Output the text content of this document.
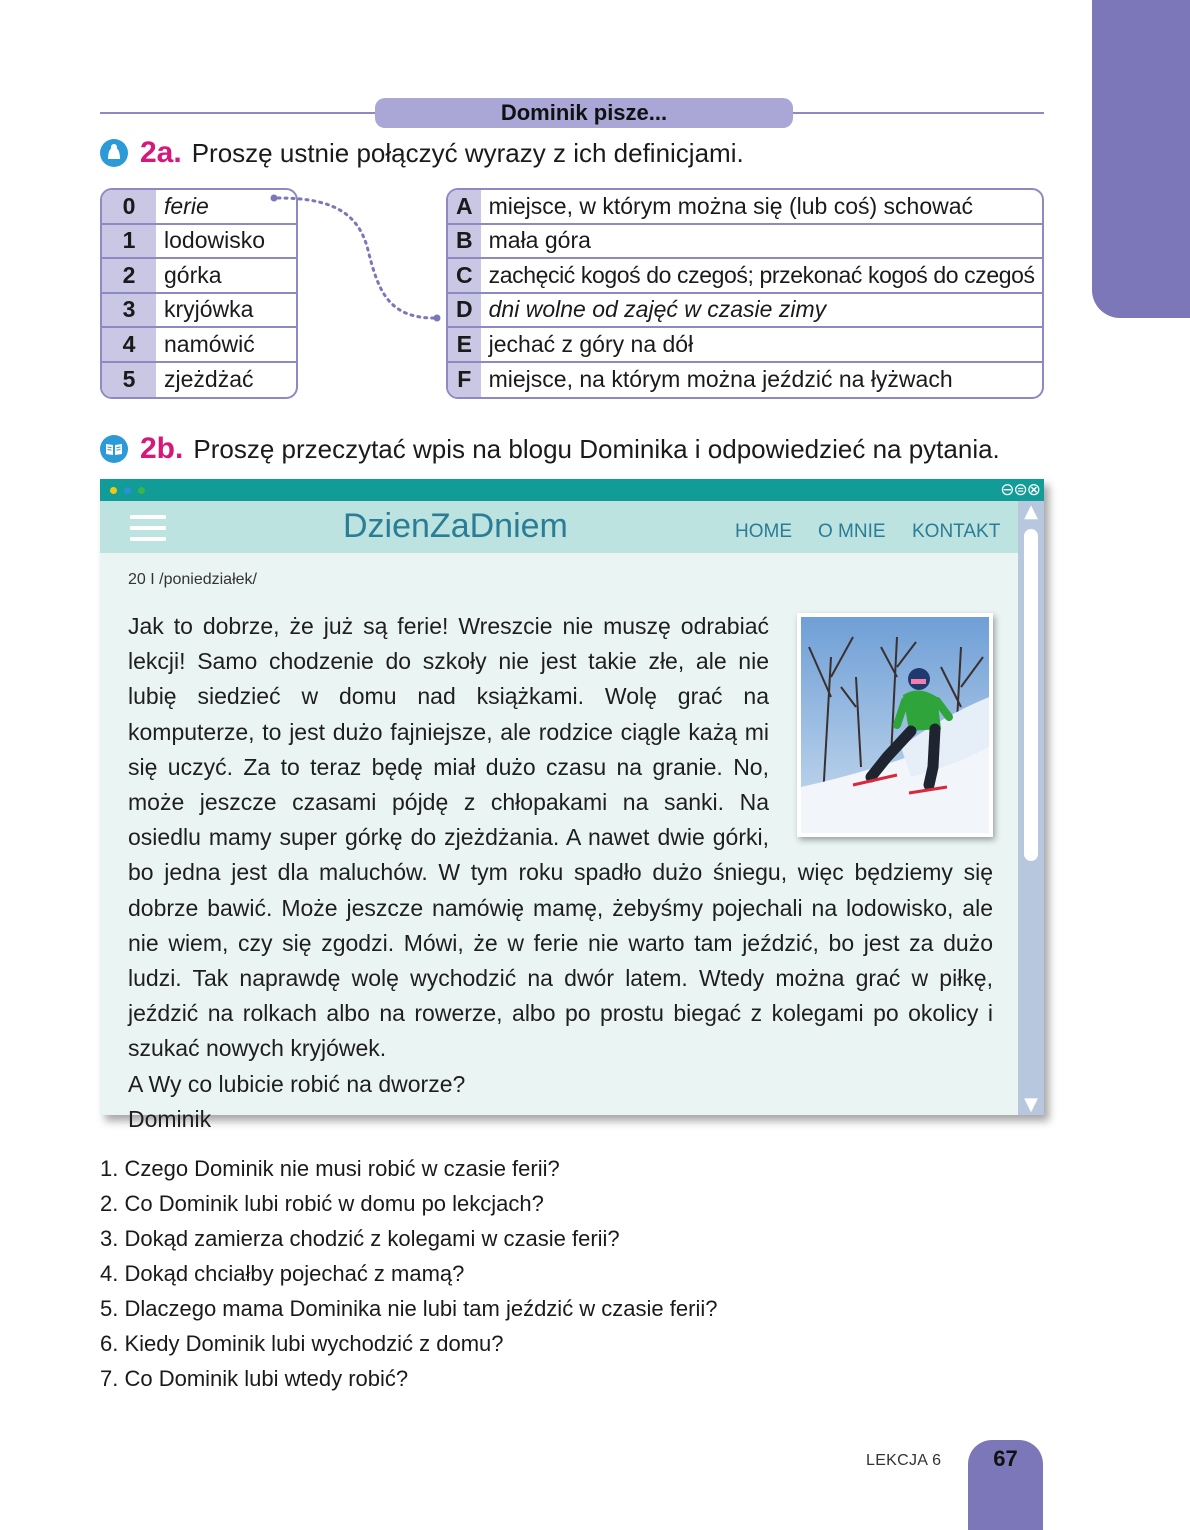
Dominik pisze...
2a. Proszę ustnie połączyć wyrazy z ich definicjami.
0	ferie
1	lodowisko
2	górka
3	kryjówka
4	namówić
5	zjeżdżać
A	miejsce, w którym można się (lub coś) schować
B	mała góra
C	zachęcić kogoś do czegoś; przekonać kogoś do czegoś
D	dni wolne od zajęć w czasie zimy
E	jechać z góry na dół
F	miejsce, na którym można jeździć na łyżwach
2b. Proszę przeczytać wpis na blogu Dominika i odpowiedzieć na pytania.
⊖⊜⊗
DzienZaDniem	HOME O MNIE KONTAKT
▲
▼
20 I /poniedziałek/

Jak to dobrze, że już są ferie! Wreszcie nie muszę odrabiać lekcji! Samo chodzenie do szkoły nie jest takie złe, ale nie lubię siedzieć w domu nad książkami. Wolę grać na komputerze, to jest dużo fajniejsze, ale rodzice ciągle każą mi się uczyć. Za to teraz będę miał dużo czasu na granie. No, może jeszcze czasami pójdę z chłopakami na sanki. Na osiedlu mamy super górkę do zjeżdżania. A nawet dwie górki, bo jedna jest dla maluchów. W tym roku spadło dużo śniegu, więc będziemy się dobrze bawić. Może jeszcze namówię mamę, żebyśmy pojechali na lodowisko, ale nie wiem, czy się zgodzi. Mówi, że w ferie nie warto tam jeździć, bo jest za dużo ludzi. Tak naprawdę wolę wychodzić na dwór latem. Wtedy można grać w piłkę, jeździć na rolkach albo na rowerze, albo po prostu biegać z kolegami po okolicy i szukać nowych kryjówek.

A Wy co lubicie robić na dworze?

Dominik

1. Czego Dominik nie musi robić w czasie ferii?
2. Co Dominik lubi robić w domu po lekcjach?
3. Dokąd zamierza chodzić z kolegami w czasie ferii?
4. Dokąd chciałby pojechać z mamą?
5. Dlaczego mama Dominika nie lubi tam jeździć w czasie ferii?
6. Kiedy Dominik lubi wychodzić z domu?
7. Co Dominik lubi wtedy robić?
LEKCJA 6	67
